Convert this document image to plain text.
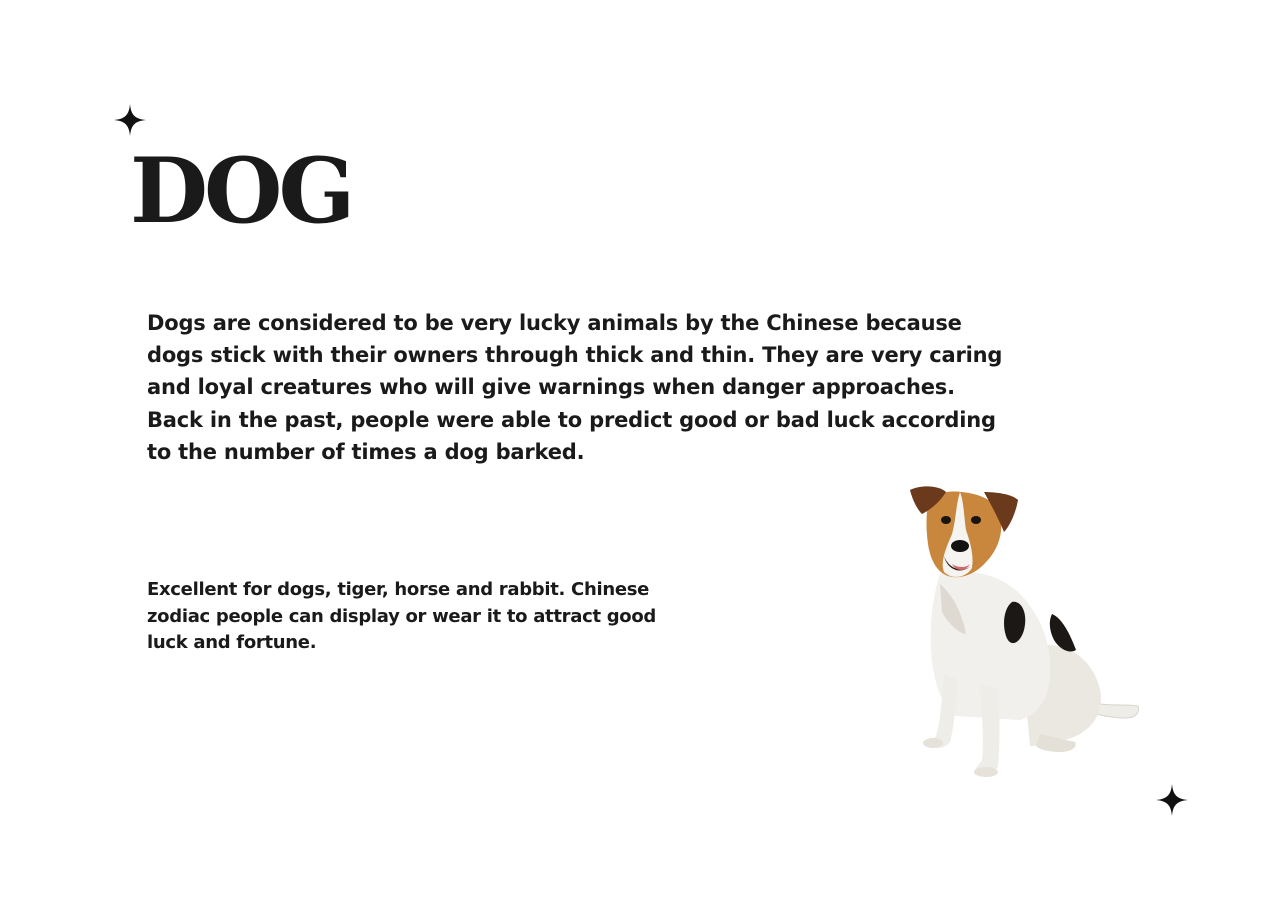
DOG

Dogs are considered to be very lucky animals by the Chinese because dogs stick with their owners through thick and thin. They are very caring and loyal creatures who will give warnings when danger approaches. Back in the past, people were able to predict good or bad luck according to the number of times a dog barked.

Excellent for dogs, tiger, horse and rabbit. Chinese zodiac people can display or wear it to attract good luck and fortune.
